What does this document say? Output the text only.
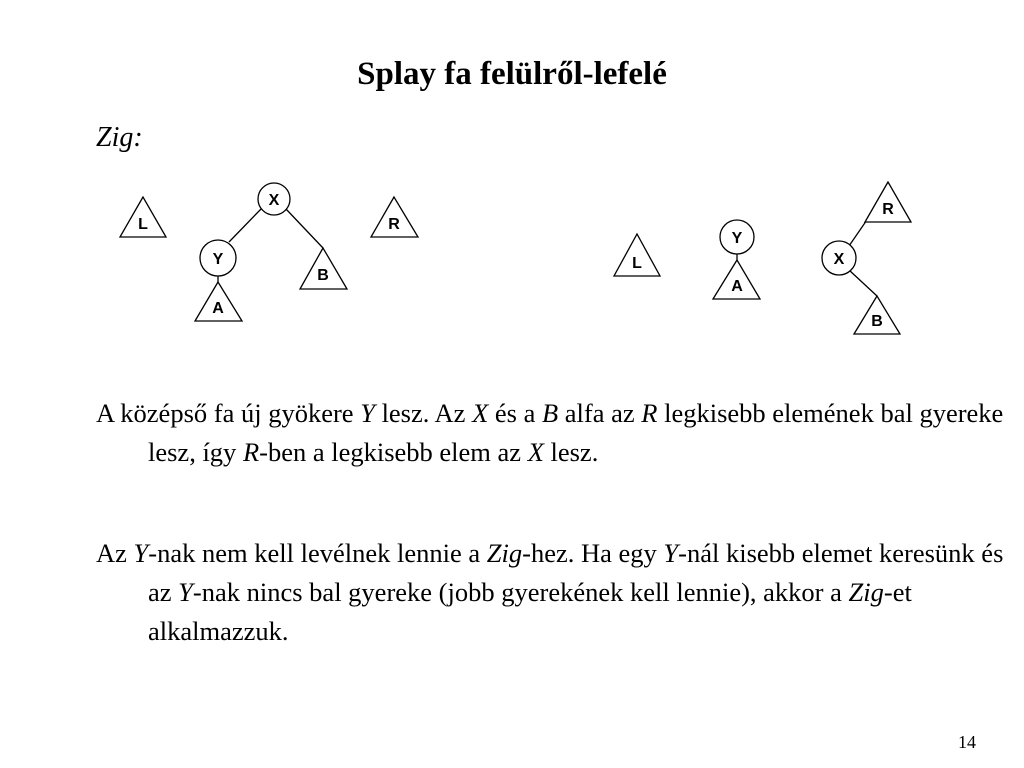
Splay fa felülről-lefelé
Zig:
L
A
B
R
X
Y	L
A
R
B
Y
X
A középső fa új gyökere Y lesz. Az X és a B alfa az R legkisebb elemének bal gyereke lesz, így R-ben a legkisebb elem az X lesz.
Az Y-nak nem kell levélnek lennie a Zig-hez. Ha egy Y-nál kisebb elemet keresünk és az Y-nak nincs bal gyereke (jobb gyerekének kell lennie), akkor a Zig-et alkalmazzuk.
14
